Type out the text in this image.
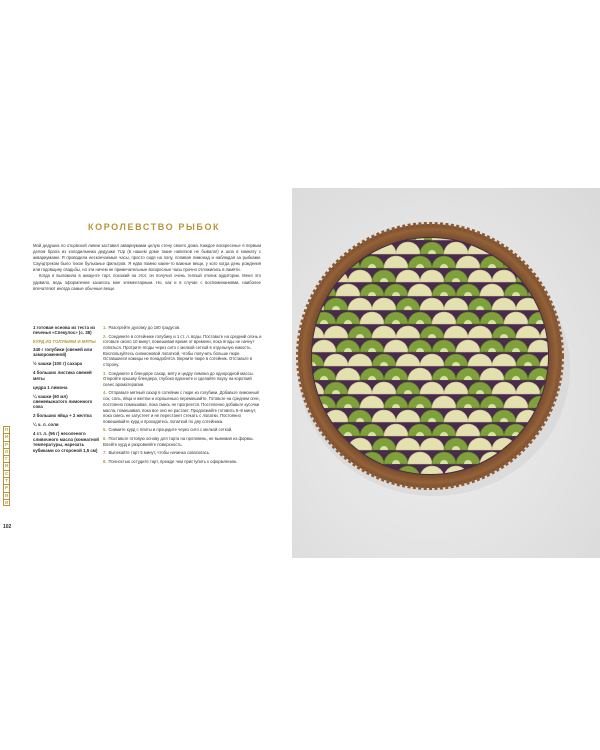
КОРОЛЕВСТВО РЫБОК

Мой дедушка по отцовской линии заставил аквариумами целую стену своего дома. Каждое воскресенье я первым делом брала из холодильника дедушки 7Up (в нашем доме такие напитков не бывало!) и шла в комнату с аквариумами. Я проводила нескончаемые часы, просто сидя на полу, попивая лимонад и наблюдая за рыбками. Саундтреком было тихое бульканье фильтров. Я едва помню какие-то важные вещи, у кого когда день рождения или годовщину свадьбы, но эти ничем не примечательные воскресные часы прочно отложились в памяти.

Когда я выложила в аккаунте тарт, похожий на этот, он получил очень теплый отклик аудитории. Меня это удивило, ведь оформление казалось мне элементарным. Но, как и в случае с воспоминаниями, наиболее впечатляют иногда самые обычные вещи.

1 готовая основа из теста из печенья «Спекулос» (с. 38)
КУРД ИЗ ГОЛУБИКИ И МЯТЫ
340 г голубики (свежей или замороженной)
½ чашки (100 г) сахара
4 больших листика свежей мяты
цедра 1 лимона
¼ чашки (60 мл) свежевыжатого лимонного сока
2 больших яйца + 2 желтка
¼ ч. л. соли
4 ст. л. (56 г) несоленого сливочного масла (комнатной температуры, нарезать кубиками со стороной 1,5 см)
1. Разогрейте духовку до 180 градусов.
2. Соедините в сотейнике голубику и 1 ст. л. воды. Поставьте на средний огонь и готовьте около 10 минут, помешивая время от времени, пока ягоды не начнут лопаться. Протрите ягоды через сито с мелкой сеткой в отдельную емкость. Воспользуйтесь силиконовой лопаткой, чтобы получить больше пюре. Оставшиеся кожицы не понадобятся. Верните пюре в сотейник. Отставьте в сторону.
3. Соедините в блендере сахар, мяту и цедру лимона до однородной массы. Откройте крышку блендера, глубоко вдохните и сделайте паузу на короткий сеанс ароматерапии.
4. Отправьте мятный сахар в сотейник с пюре из голубики. Добавьте лимонный сок, соль, яйца и желтки и хорошенько перемешайте. Готовьте на среднем огне, постоянно помешивая, пока смесь не прогреется. Постепенно добавьте кусочки масла, помешивая, пока все оно не растает. Продолжайте готовить 5–8 минут, пока смесь не загустеет и не перестанет стекать с лопатки. Постоянно помешивайте курд и проходитесь лопаткой по дну сотейника.
5. Снимите курд с плиты и процедите через сито с мелкой сеткой.
6. Поставьте готовую основу для тарта на противень, не вынимая из формы. Влейте курд и разровняйте поверхность.
7. Выпекайте тарт 5 минут, чтобы начинка схватилась.
8. Полностью остудите тарт, прежде чем приступить к оформлению.
П
И
Р
О
Г
И
С
Т
Р
И
И
102
